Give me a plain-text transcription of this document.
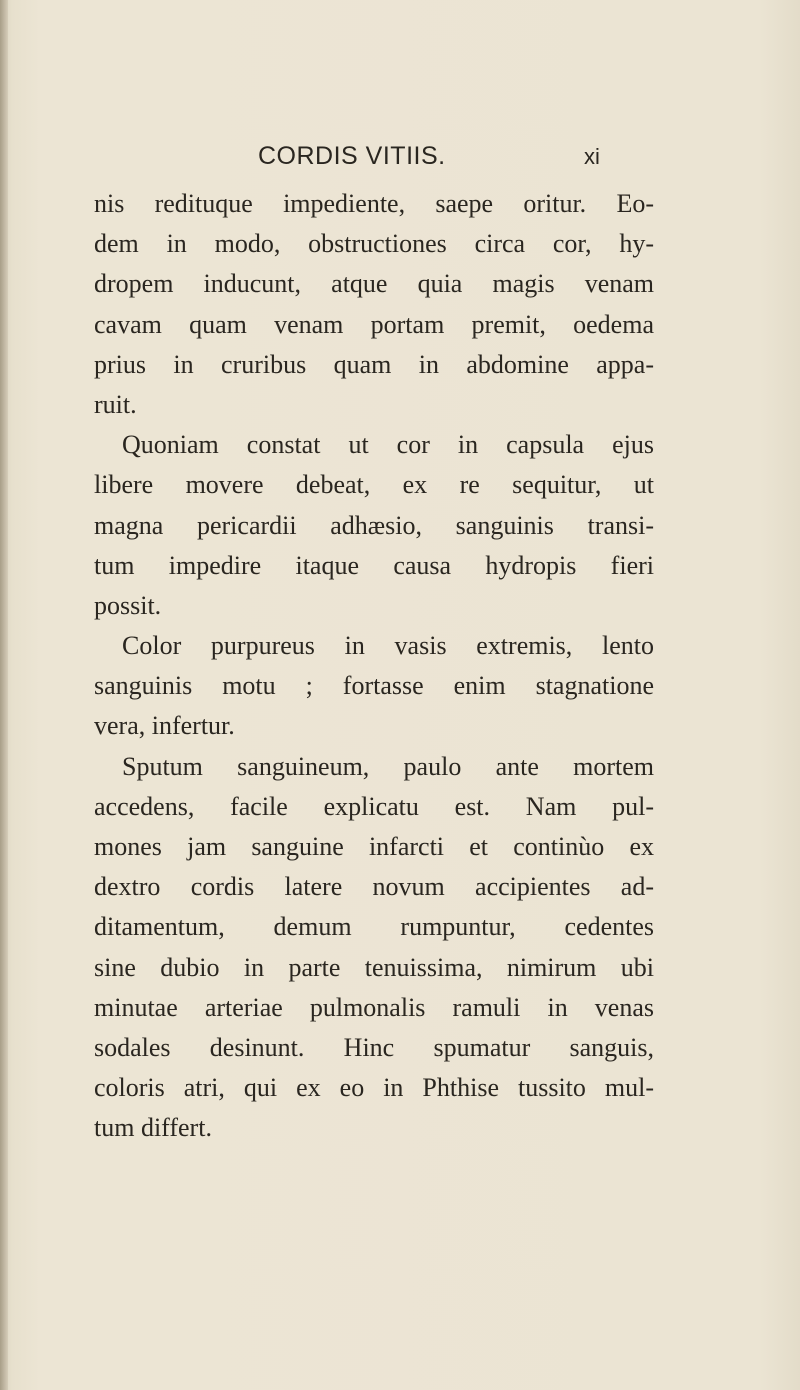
CORDIS VITIIS.	xi
nis redituque impediente, saepe oritur. Eo-
dem in modo, obstructiones circa cor, hy-
dropem inducunt, atque quia magis venam
cavam quam venam portam premit, oedema
prius in cruribus quam in abdomine appa-
ruit.
Quoniam constat ut cor in capsula ejus
libere movere debeat, ex re sequitur, ut
magna pericardii adhæsio, sanguinis transi-
tum impedire itaque causa hydropis fieri
possit.
Color purpureus in vasis extremis, lento
sanguinis motu ; fortasse enim stagnatione
vera, infertur.
Sputum sanguineum, paulo ante mortem
accedens, facile explicatu est. Nam pul-
mones jam sanguine infarcti et continùo ex
dextro cordis latere novum accipientes ad-
ditamentum, demum rumpuntur, cedentes
sine dubio in parte tenuissima, nimirum ubi
minutae arteriae pulmonalis ramuli in venas
sodales desinunt. Hinc spumatur sanguis,
coloris atri, qui ex eo in Phthise tussito mul-
tum differt.
